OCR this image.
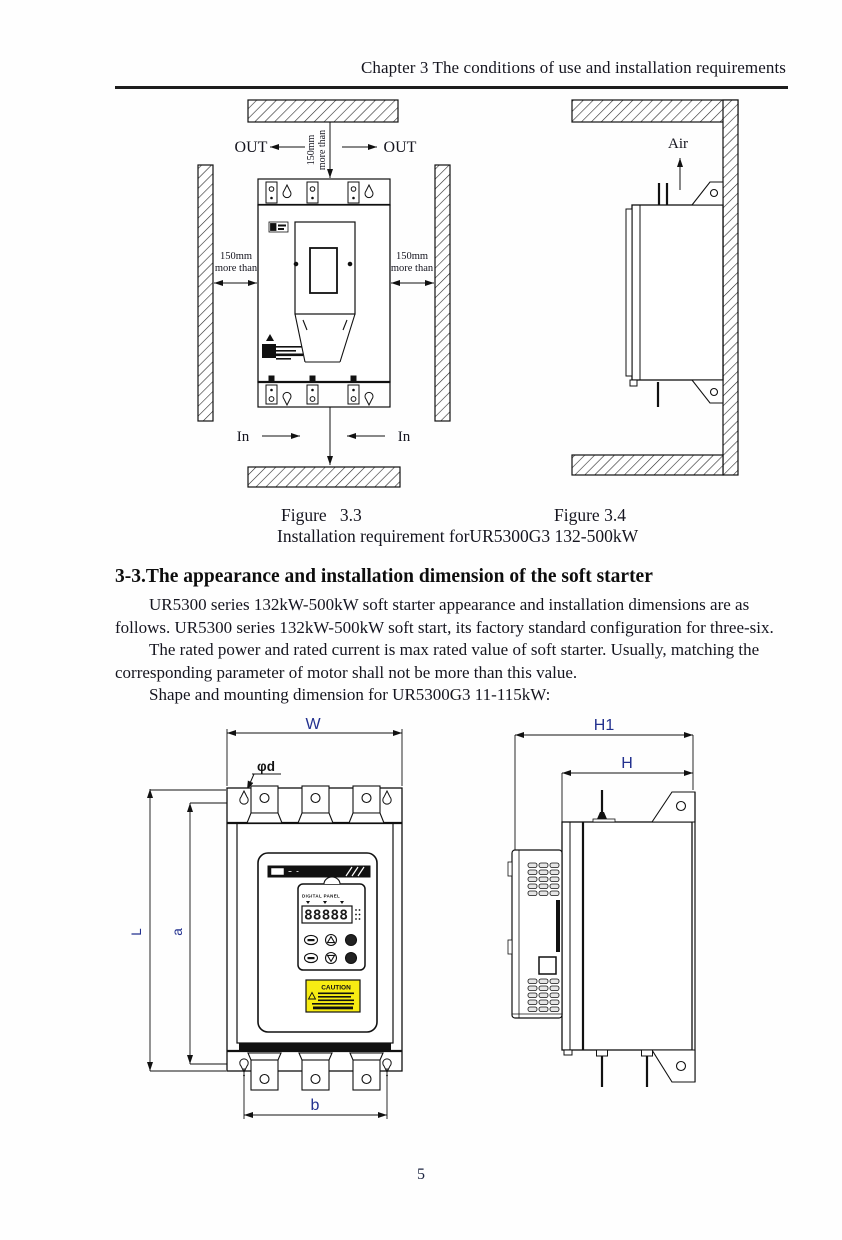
Chapter 3 The conditions of use and installation requirements
150mm more than
OUT	OUT
150mm
more than
150mm
more than
In	In
Air
Figure   3.3	Figure 3.4
Installation requirement forUR5300G3 132-500kW
3-3.The appearance and installation dimension of the soft starter

UR5300 series 132kW-500kW soft starter appearance and installation dimensions are as follows. UR5300 series 132kW-500kW soft start, its factory standard configuration for three-six.

The rated power and rated current is max rated value of soft starter. Usually, matching the corresponding parameter of motor shall not be more than this value.

Shape and mounting dimension for UR5300G3 11-115kW:

W
φd
L a
b
88888
DIGITAL PANEL
CAUTION
H1
H
5
